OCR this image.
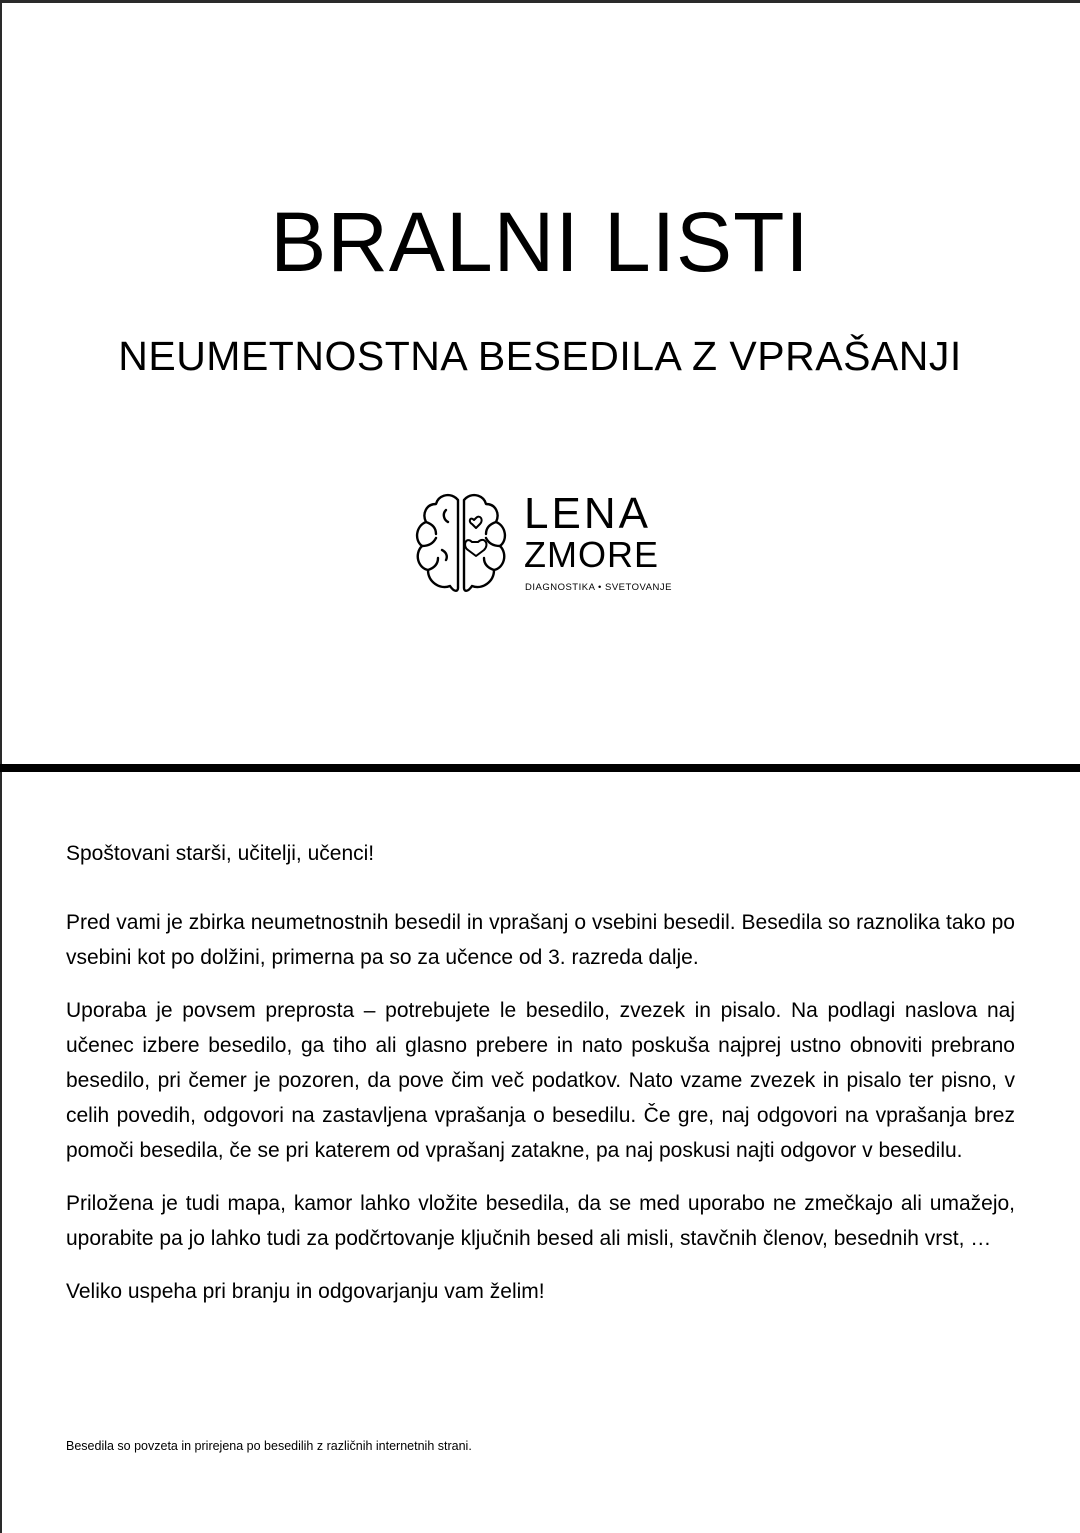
BRALNI LISTI
NEUMETNOSTNA BESEDILA Z VPRAŠANJI
LENA
ZMORE
DIAGNOSTIKA • SVETOVANJE

Spoštovani starši, učitelji, učenci!

Pred vami je zbirka neumetnostnih besedil in vprašanj o vsebini besedil. Besedila so raznolika tako po vsebini kot po dolžini, primerna pa so za učence od 3. razreda dalje.

Uporaba je povsem preprosta – potrebujete le besedilo, zvezek in pisalo. Na podlagi naslova naj učenec izbere besedilo, ga tiho ali glasno prebere in nato poskuša najprej ustno obnoviti prebrano besedilo, pri čemer je pozoren, da pove čim več podatkov. Nato vzame zvezek in pisalo ter pisno, v celih povedih, odgovori na zastavljena vprašanja o besedilu. Če gre, naj odgovori na vprašanja brez pomoči besedila, če se pri katerem od vprašanj zatakne, pa naj poskusi najti odgovor v besedilu.

Priložena je tudi mapa, kamor lahko vložite besedila, da se med uporabo ne zmečkajo ali umažejo, uporabite pa jo lahko tudi za podčrtovanje ključnih besed ali misli, stavčnih členov, besednih vrst, …

Veliko uspeha pri branju in odgovarjanju vam želim!

Besedila so povzeta in prirejena po besedilih z različnih internetnih strani.
